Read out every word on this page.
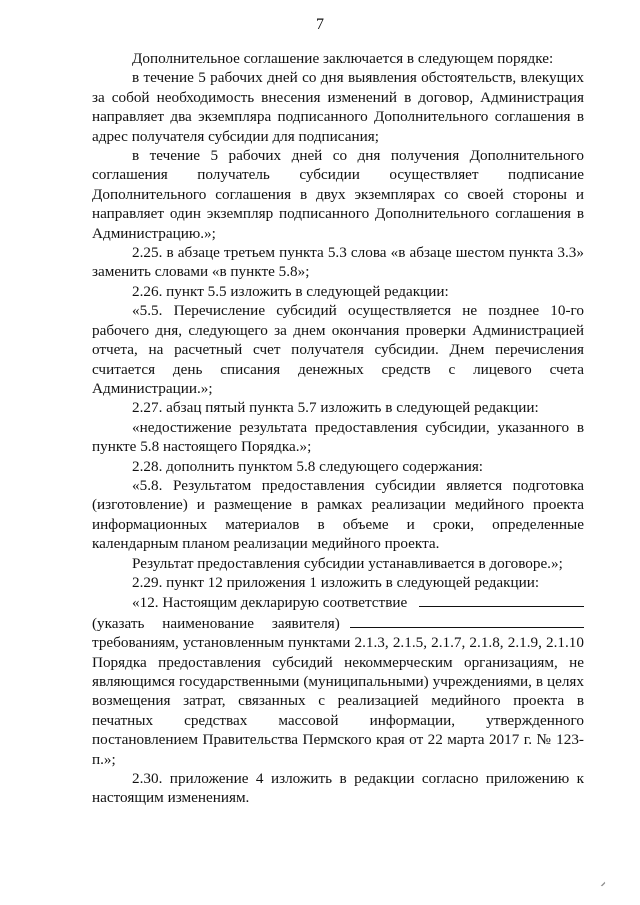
7

Дополнительное соглашение заключается в следующем порядке:

в течение 5 рабочих дней со дня выявления обстоятельств, влекущих за собой необходимость внесения изменений в договор, Администрация направляет два экземпляра подписанного Дополнительного соглашения в адрес получателя субсидии для подписания;

в течение 5 рабочих дней со дня получения Дополнительного соглашения получатель субсидии осуществляет подписание Дополнительного соглашения в двух экземплярах со своей стороны и направляет один экземпляр подписанного Дополнительного соглашения в Администрацию.»;

2.25. в абзаце третьем пункта 5.3 слова «в абзаце шестом пункта 3.3» заменить словами «в пункте 5.8»;

2.26. пункт 5.5 изложить в следующей редакции:

«5.5. Перечисление субсидий осуществляется не позднее 10-го рабочего дня, следующего за днем окончания проверки Администрацией отчета, на расчетный счет получателя субсидии. Днем перечисления считается день списания денежных средств с лицевого счета Администрации.»;

2.27. абзац пятый пункта 5.7 изложить в следующей редакции:

«недостижение результата предоставления субсидии, указанного в пункте 5.8 настоящего Порядка.»;

2.28. дополнить пунктом 5.8 следующего содержания:

«5.8. Результатом предоставления субсидии является подготовка (изготовление) и размещение в рамках реализации медийного проекта информационных материалов в объеме и сроки, определенные календарным планом реализации медийного проекта.

Результат предоставления субсидии устанавливается в договоре.»;

2.29. пункт 12 приложения 1 изложить в следующей редакции:

«12. Настоящим декларирую соответствие
(указать наименование заявителя)

требованиям, установленным пунктами 2.1.3, 2.1.5, 2.1.7, 2.1.8, 2.1.9, 2.1.10 Порядка предоставления субсидий некоммерческим организациям, не являющимся государственными (муниципальными) учреждениями, в целях возмещения затрат, связанных с реализацией медийного проекта в печатных средствах массовой информации, утвержденного постановлением Правительства Пермского края от 22 марта 2017 г. № 123-п.»;

2.30. приложение 4 изложить в редакции согласно приложению к настоящим изменениям.
